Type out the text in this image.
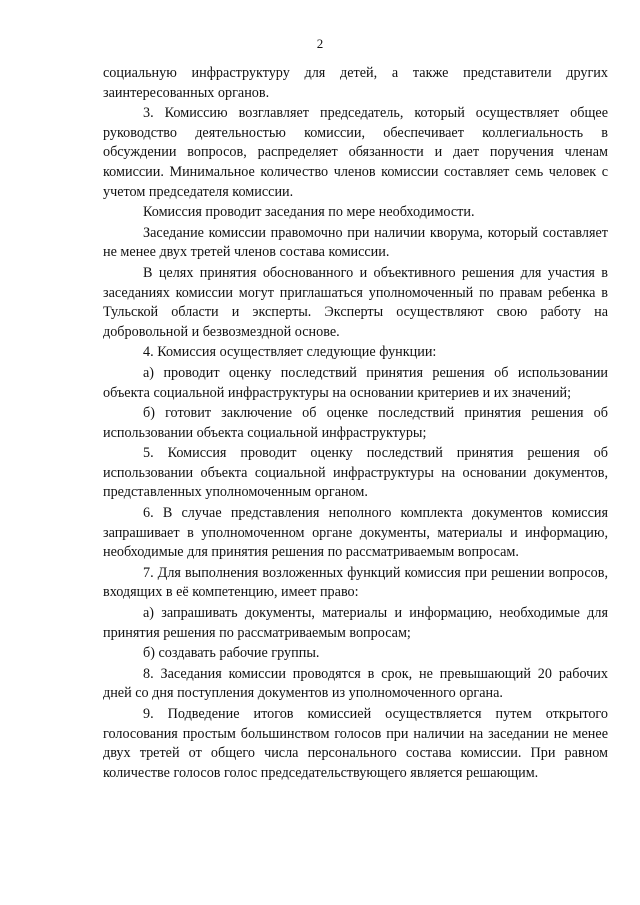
2

социальную инфраструктуру для детей, а также представители других заинтересованных органов.

3. Комиссию возглавляет председатель, который осуществляет общее руководство деятельностью комиссии, обеспечивает коллегиальность в обсуждении вопросов, распределяет обязанности и дает поручения членам комиссии. Минимальное количество членов комиссии составляет семь человек с учетом председателя комиссии.

Комиссия проводит заседания по мере необходимости.

Заседание комиссии правомочно при наличии кворума, который составляет не менее двух третей членов состава комиссии.

В целях принятия обоснованного и объективного решения для участия в заседаниях комиссии могут приглашаться уполномоченный по правам ребенка в Тульской области и эксперты. Эксперты осуществляют свою работу на добровольной и безвозмездной основе.

4. Комиссия осуществляет следующие функции:

а) проводит оценку последствий принятия решения об использовании объекта социальной инфраструктуры на основании критериев и их значений;

б) готовит заключение об оценке последствий принятия решения об использовании объекта социальной инфраструктуры;

5. Комиссия проводит оценку последствий принятия решения об использовании объекта социальной инфраструктуры на основании документов, представленных уполномоченным органом.

6. В случае представления неполного комплекта документов комиссия запрашивает в уполномоченном органе документы, материалы и информацию, необходимые для принятия решения по рассматриваемым вопросам.

7. Для выполнения возложенных функций комиссия при решении вопросов, входящих в её компетенцию, имеет право:

а) запрашивать документы, материалы и информацию, необходимые для принятия решения по рассматриваемым вопросам;

б) создавать рабочие группы.

8. Заседания комиссии проводятся в срок, не превышающий 20 рабочих дней со дня поступления документов из уполномоченного органа.

9. Подведение итогов комиссией осуществляется путем открытого голосования простым большинством голосов при наличии на заседании не менее двух третей от общего числа персонального состава комиссии. При равном количестве голосов голос председательствующего является решающим.
